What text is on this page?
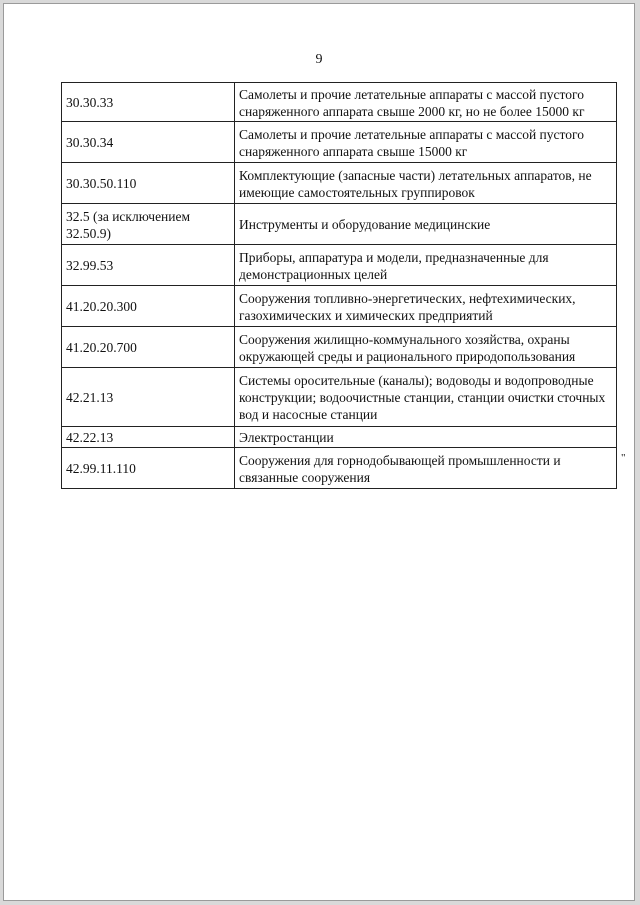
9
30.30.33	Самолеты и прочие летательные аппараты с массой пустого снаряженного аппарата свыше 2000 кг, но не более 15000 кг
30.30.34	Самолеты и прочие летательные аппараты с массой пустого снаряженного аппарата свыше 15000 кг
30.30.50.110	Комплектующие (запасные части) летательных аппаратов, не имеющие самостоятельных группировок
32.5 (за исключением 32.50.9)	Инструменты и оборудование медицинские
32.99.53	Приборы, аппаратура и модели, предназначенные для демонстрационных целей
41.20.20.300	Сооружения топливно-энергетических, нефтехимических, газохимических и химических предприятий
41.20.20.700	Сооружения жилищно-коммунального хозяйства, охраны окружающей среды и рационального природопользования
42.21.13	Системы оросительные (каналы); водоводы и водопроводные конструкции; водоочистные станции, станции очистки сточных вод и насосные станции
42.22.13	Электростанции
42.99.11.110	Сооружения для горнодобывающей промышленности и связанные сооружения
"
